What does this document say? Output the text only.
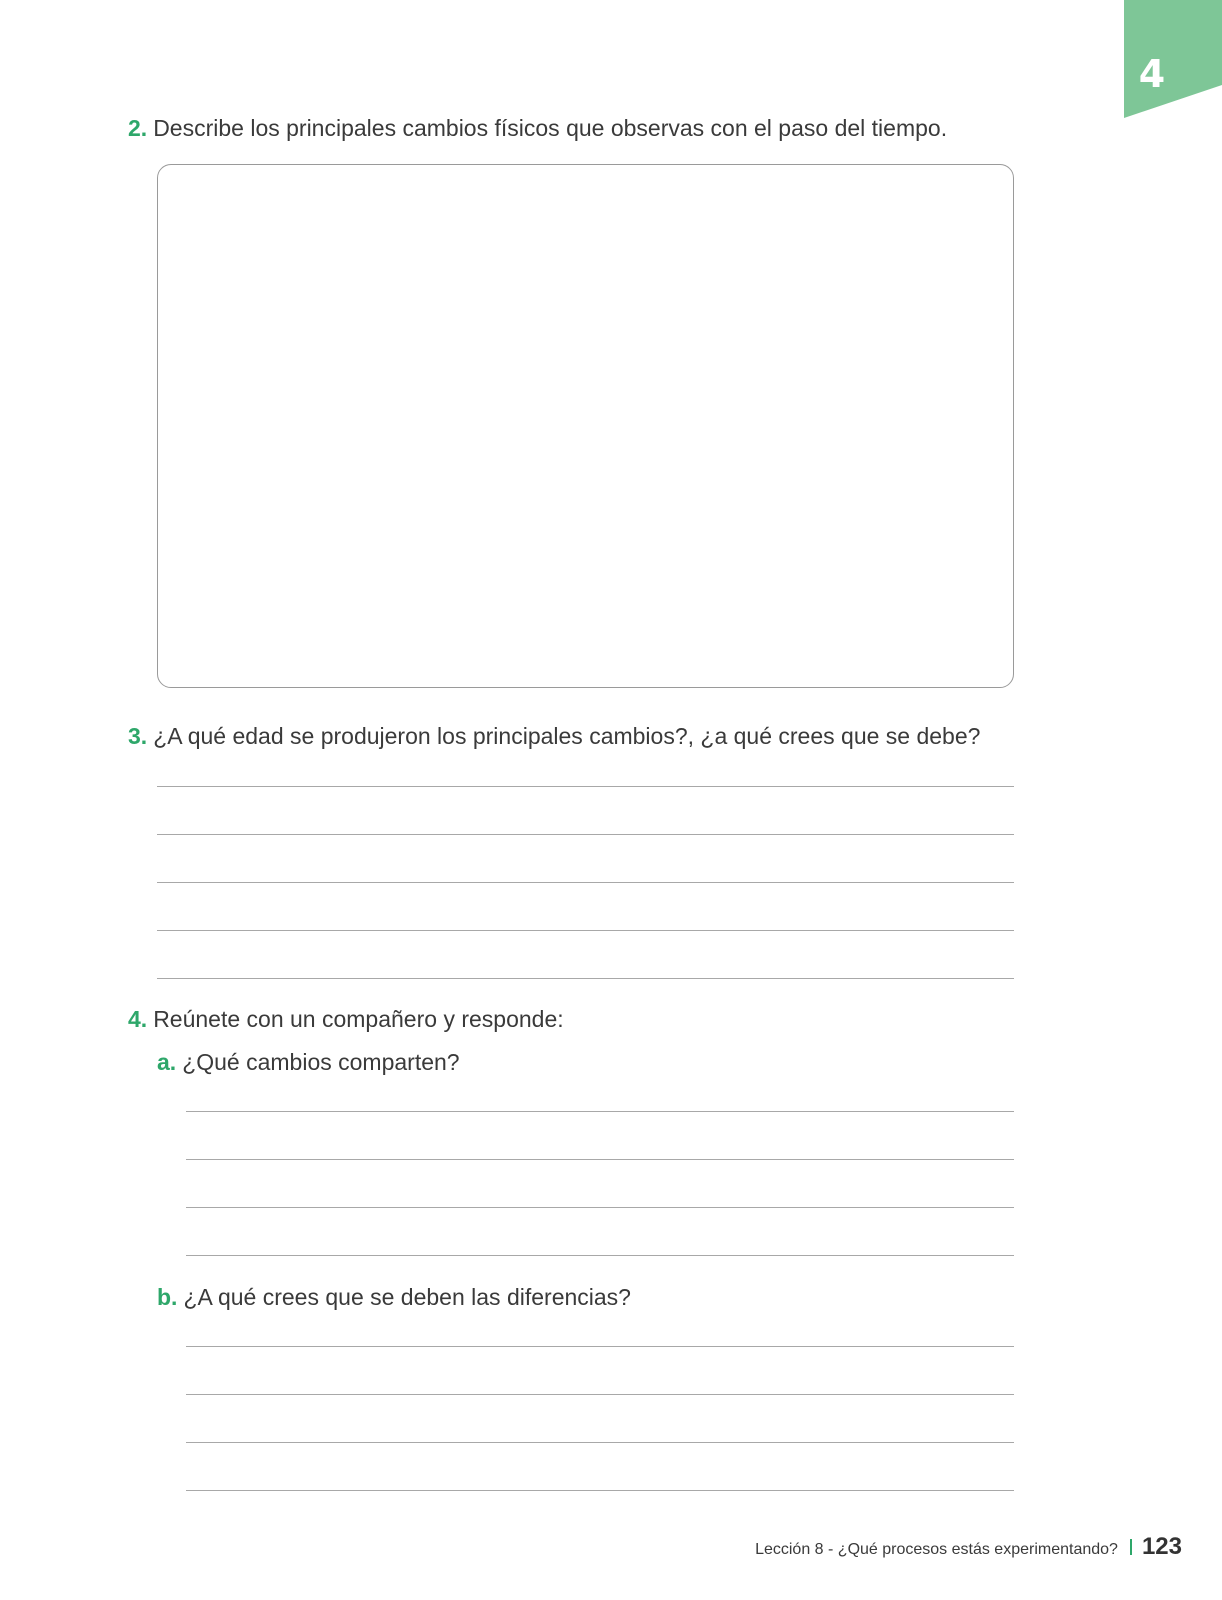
4
2. Describe los principales cambios físicos que observas con el paso del tiempo.
3. ¿A qué edad se produjeron los principales cambios?, ¿a qué crees que se debe?
4. Reúnete con un compañero y responde:
a. ¿Qué cambios comparten?
b. ¿A qué crees que se deben las diferencias?
Lección 8 - ¿Qué procesos estás experimentando? 123
